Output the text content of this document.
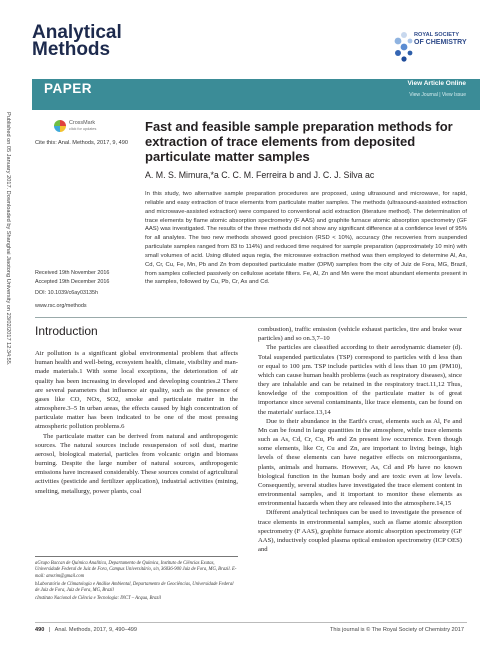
Analytical
Methods
ROYAL SOCIETY
OF CHEMISTRY
PAPER	View Article Online
View Journal | View Issue
Published on 05 January 2017. Downloaded by Shanghai Jiaotong University on 23/02/2017 12:34:55.	CrossMark
click for updates
Cite this: Anal. Methods, 2017, 9, 490
Fast and feasible sample preparation methods for extraction of trace elements from deposited particulate matter samples
A. M. S. Mimura,*a C. C. M. Ferreira b and J. C. J. Silva ac
In this study, two alternative sample preparation procedures are proposed, using ultrasound and microwave, for rapid, reliable and easy extraction of trace elements from particulate matter samples. The methods (ultrasound-assisted extraction and microwave-assisted extraction) were compared to conventional acid extraction (literature method). The determination of trace elements by flame atomic absorption spectrometry (F AAS) and graphite furnace atomic absorption spectrometry (GF AAS) was investigated. The results of the three methods did not show any significant difference at a confidence level of 95% for all analytes. The two new methods showed good precision (RSD < 10%), accuracy (the recoveries from suspended particulate samples ranged from 83 to 114%) and reduced time required for sample preparation (approximately 10 min) with small volumes of acid. Using diluted aqua regia, the microwave extraction method was then employed to determine Al, As, Cd, Cr, Cu, Fe, Mn, Pb and Zn from deposited particulate matter (DPM) samples from the city of Juiz de Fora, MG, Brazil, from samples collected passively on cellulose acetate filters. Fe, Al, Zn and Mn were the most abundant elements present in the samples, followed by Cu, Pb, Cr, As and Cd.
Received 19th November 2016
Accepted 19th December 2016
DOI: 10.1039/c6ay03135h
www.rsc.org/methods
Introduction

Air pollution is a significant global environmental problem that affects human health and well-being, ecosystem health, climate, visibility and man-made materials.1 With some local exceptions, the deterioration of air quality has been increasing in developed and developing countries.2 There are several parameters that influence air quality, such as the presence of gases like CO, NOx, SO2, smoke and particulate matter in the atmosphere.3–5 In urban areas, the effects caused by high concentration of particulate matter has been indicated to be one of the most pressing atmospheric pollution problems.6

The particulate matter can be derived from natural and anthropogenic sources. The natural sources include resuspension of soil dust, marine aerosol, biological material, particles from volcanic origin and biomass burning. Despite the large number of natural sources, anthropogenic emissions have increased considerably. These sources consist of agricultural activities (pesticide and fertilizer application), industrial activities (mining, smelting, metallurgy, power plants, coal

combustion), traffic emission (vehicle exhaust particles, tire and brake wear particles) and so on.3,7–10

The particles are classified according to their aerodynamic diameter (d). Total suspended particulates (TSP) correspond to particles with d less than or equal to 100 µm. TSP include particles with d less than 10 µm (PM10), which can cause human health problems (such as respiratory diseases), since they are inhalable and can be retained in the respiratory tract.11,12 Thus, knowledge of the composition of the particulate matter is of great importance since several contaminants, like trace elements, can be found on the materials' surface.13,14

Due to their abundance in the Earth's crust, elements such as Al, Fe and Mn can be found in large quantities in the atmosphere, while trace elements such as As, Cd, Cr, Cu, Pb and Zn present low occurrence. Even though some elements, like Cr, Cu and Zn, are important to living beings, high levels of these elements can have negative effects on microorganisms, plants, animals and humans. However, As, Cd and Pb have no known biological function in the human body and are toxic even at low levels. Consequently, several studies have investigated the trace element content in environmental samples, and it important to monitor these elements as environmental hazards when they are released into the atmosphere.14,15

Different analytical techniques can be used to investigate the presence of trace elements in environmental samples, such as flame atomic absorption spectrometry (F AAS), graphite furnace atomic absorption spectrometry (GF AAS), inductively coupled plasma optical emission spectrometry (ICP OES) and

aGrupo Baccan de Química Analítica, Departamento de Química, Instituto de Ciências Exatas, Universidade Federal de Juiz de Fora, Campus Universitário, s/n, 36036-900 Juiz de Fora, MG, Brazil. E-mail: amsrim@gmail.com

bLaboratório de Climatologia e Análise Ambiental, Departamento de Geociências, Universidade Federal de Juiz de Fora, Juiz de Fora, MG, Brazil

cInstituto Nacional de Ciência e Tecnologia: INCT – Acqua, Brazil

490 | Anal. Methods, 2017, 9, 490–499	This journal is © The Royal Society of Chemistry 2017
